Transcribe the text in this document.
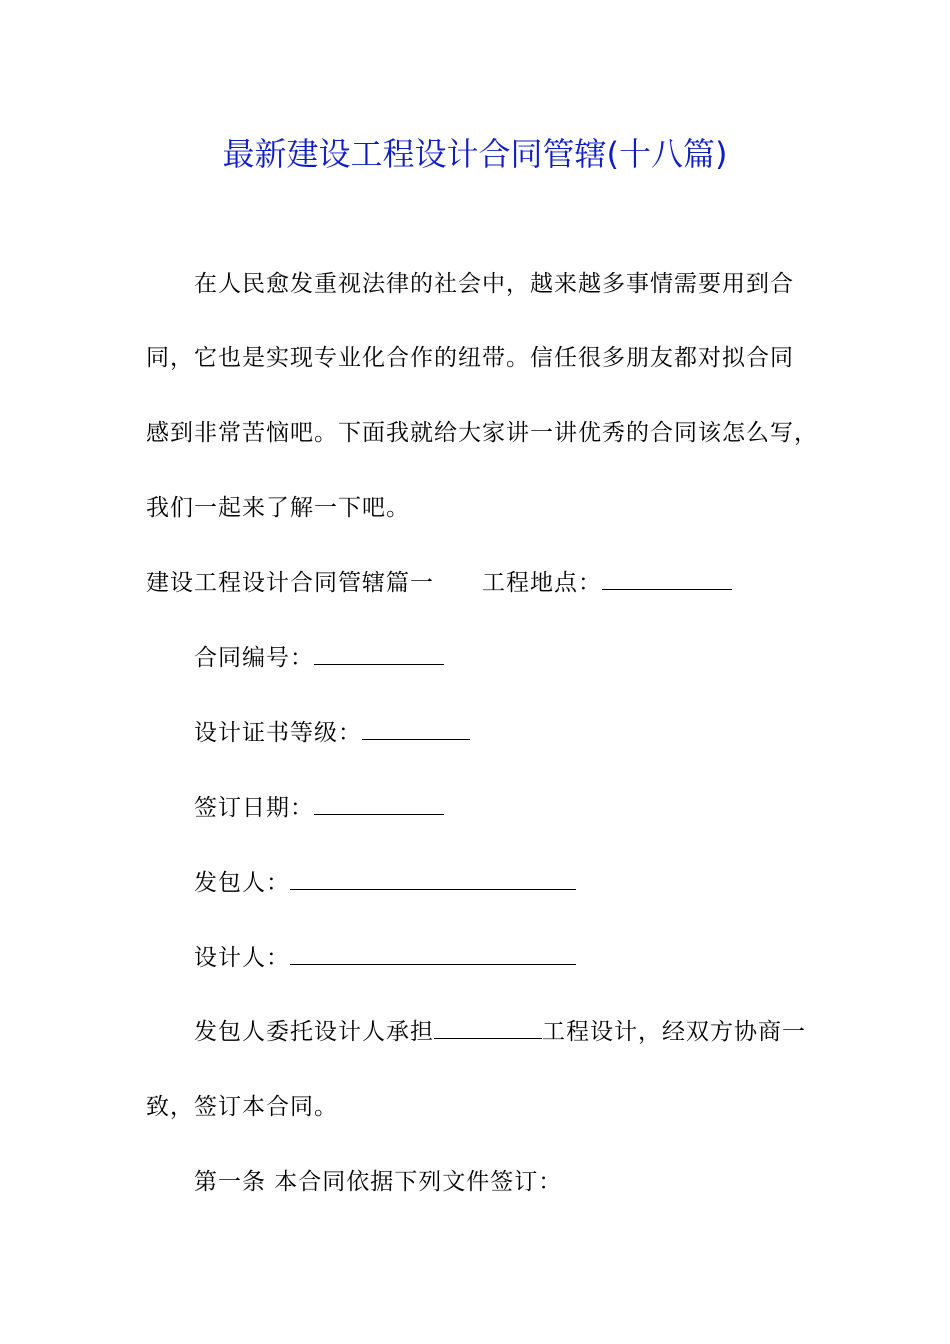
最新建设工程设计合同管辖(十八篇)

在人民愈发重视法律的社会中，越来越多事情需要用到合

同，它也是实现专业化合作的纽带。信任很多朋友都对拟合同

感到非常苦恼吧。下面我就给大家讲一讲优秀的合同该怎么写，

我们一起来了解一下吧。

建设工程设计合同管辖篇一 工程地点：

合同编号：

设计证书等级：

签订日期：

发包人：

设计人：

发包人委托设计人承担	工程设计，经双方协商一

致，签订本合同。

第一条 本合同依据下列文件签订：
